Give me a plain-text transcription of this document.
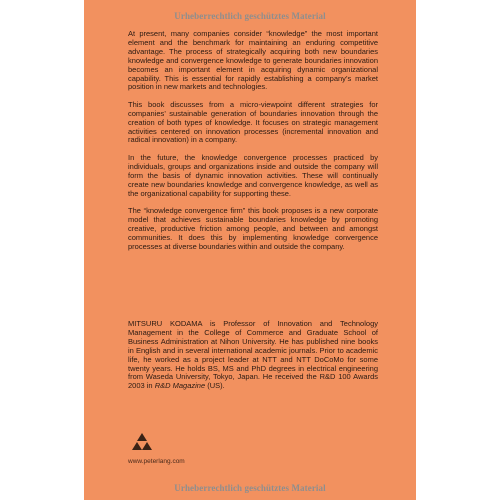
Urheberrechtlich geschütztes Material

At present, many companies consider “knowledge” the most important element and the benchmark for maintaining an enduring competitive advantage. The process of strategically acquiring both new boundaries knowledge and convergence knowledge to generate boundaries innovation becomes an important element in acquiring dynamic organizational capability. This is essential for rapidly establishing a company’s market position in new markets and technologies.

This book discusses from a micro-viewpoint different strategies for companies’ sustainable generation of boundaries innovation through the creation of both types of knowledge. It focuses on strategic management activities centered on innovation processes (incremental innovation and radical innovation) in a company.

In the future, the knowledge convergence processes practiced by individuals, groups and organizations inside and outside the company will form the basis of dynamic innovation activities. These will continually create new boundaries knowledge and convergence knowledge, as well as the organizational capability for supporting these.

The “knowledge convergence firm” this book proposes is a new corporate model that achieves sustainable boundaries knowledge by promoting creative, productive friction among people, and between and amongst communities. It does this by implementing knowledge convergence processes at diverse boundaries within and outside the company.

MITSURU KODAMA is Professor of Innovation and Technology Management in the College of Commerce and Graduate School of Business Administration at Nihon University. He has published nine books in English and in several international academic journals. Prior to academic life, he worked as a project leader at NTT and NTT DoCoMo for some twenty years. He holds BS, MS and PhD degrees in electrical engineering from Waseda University, Tokyo, Japan. He received the R&D 100 Awards 2003 in R&D Magazine (US).

www.peterlang.com
Urheberrechtlich geschütztes Material
